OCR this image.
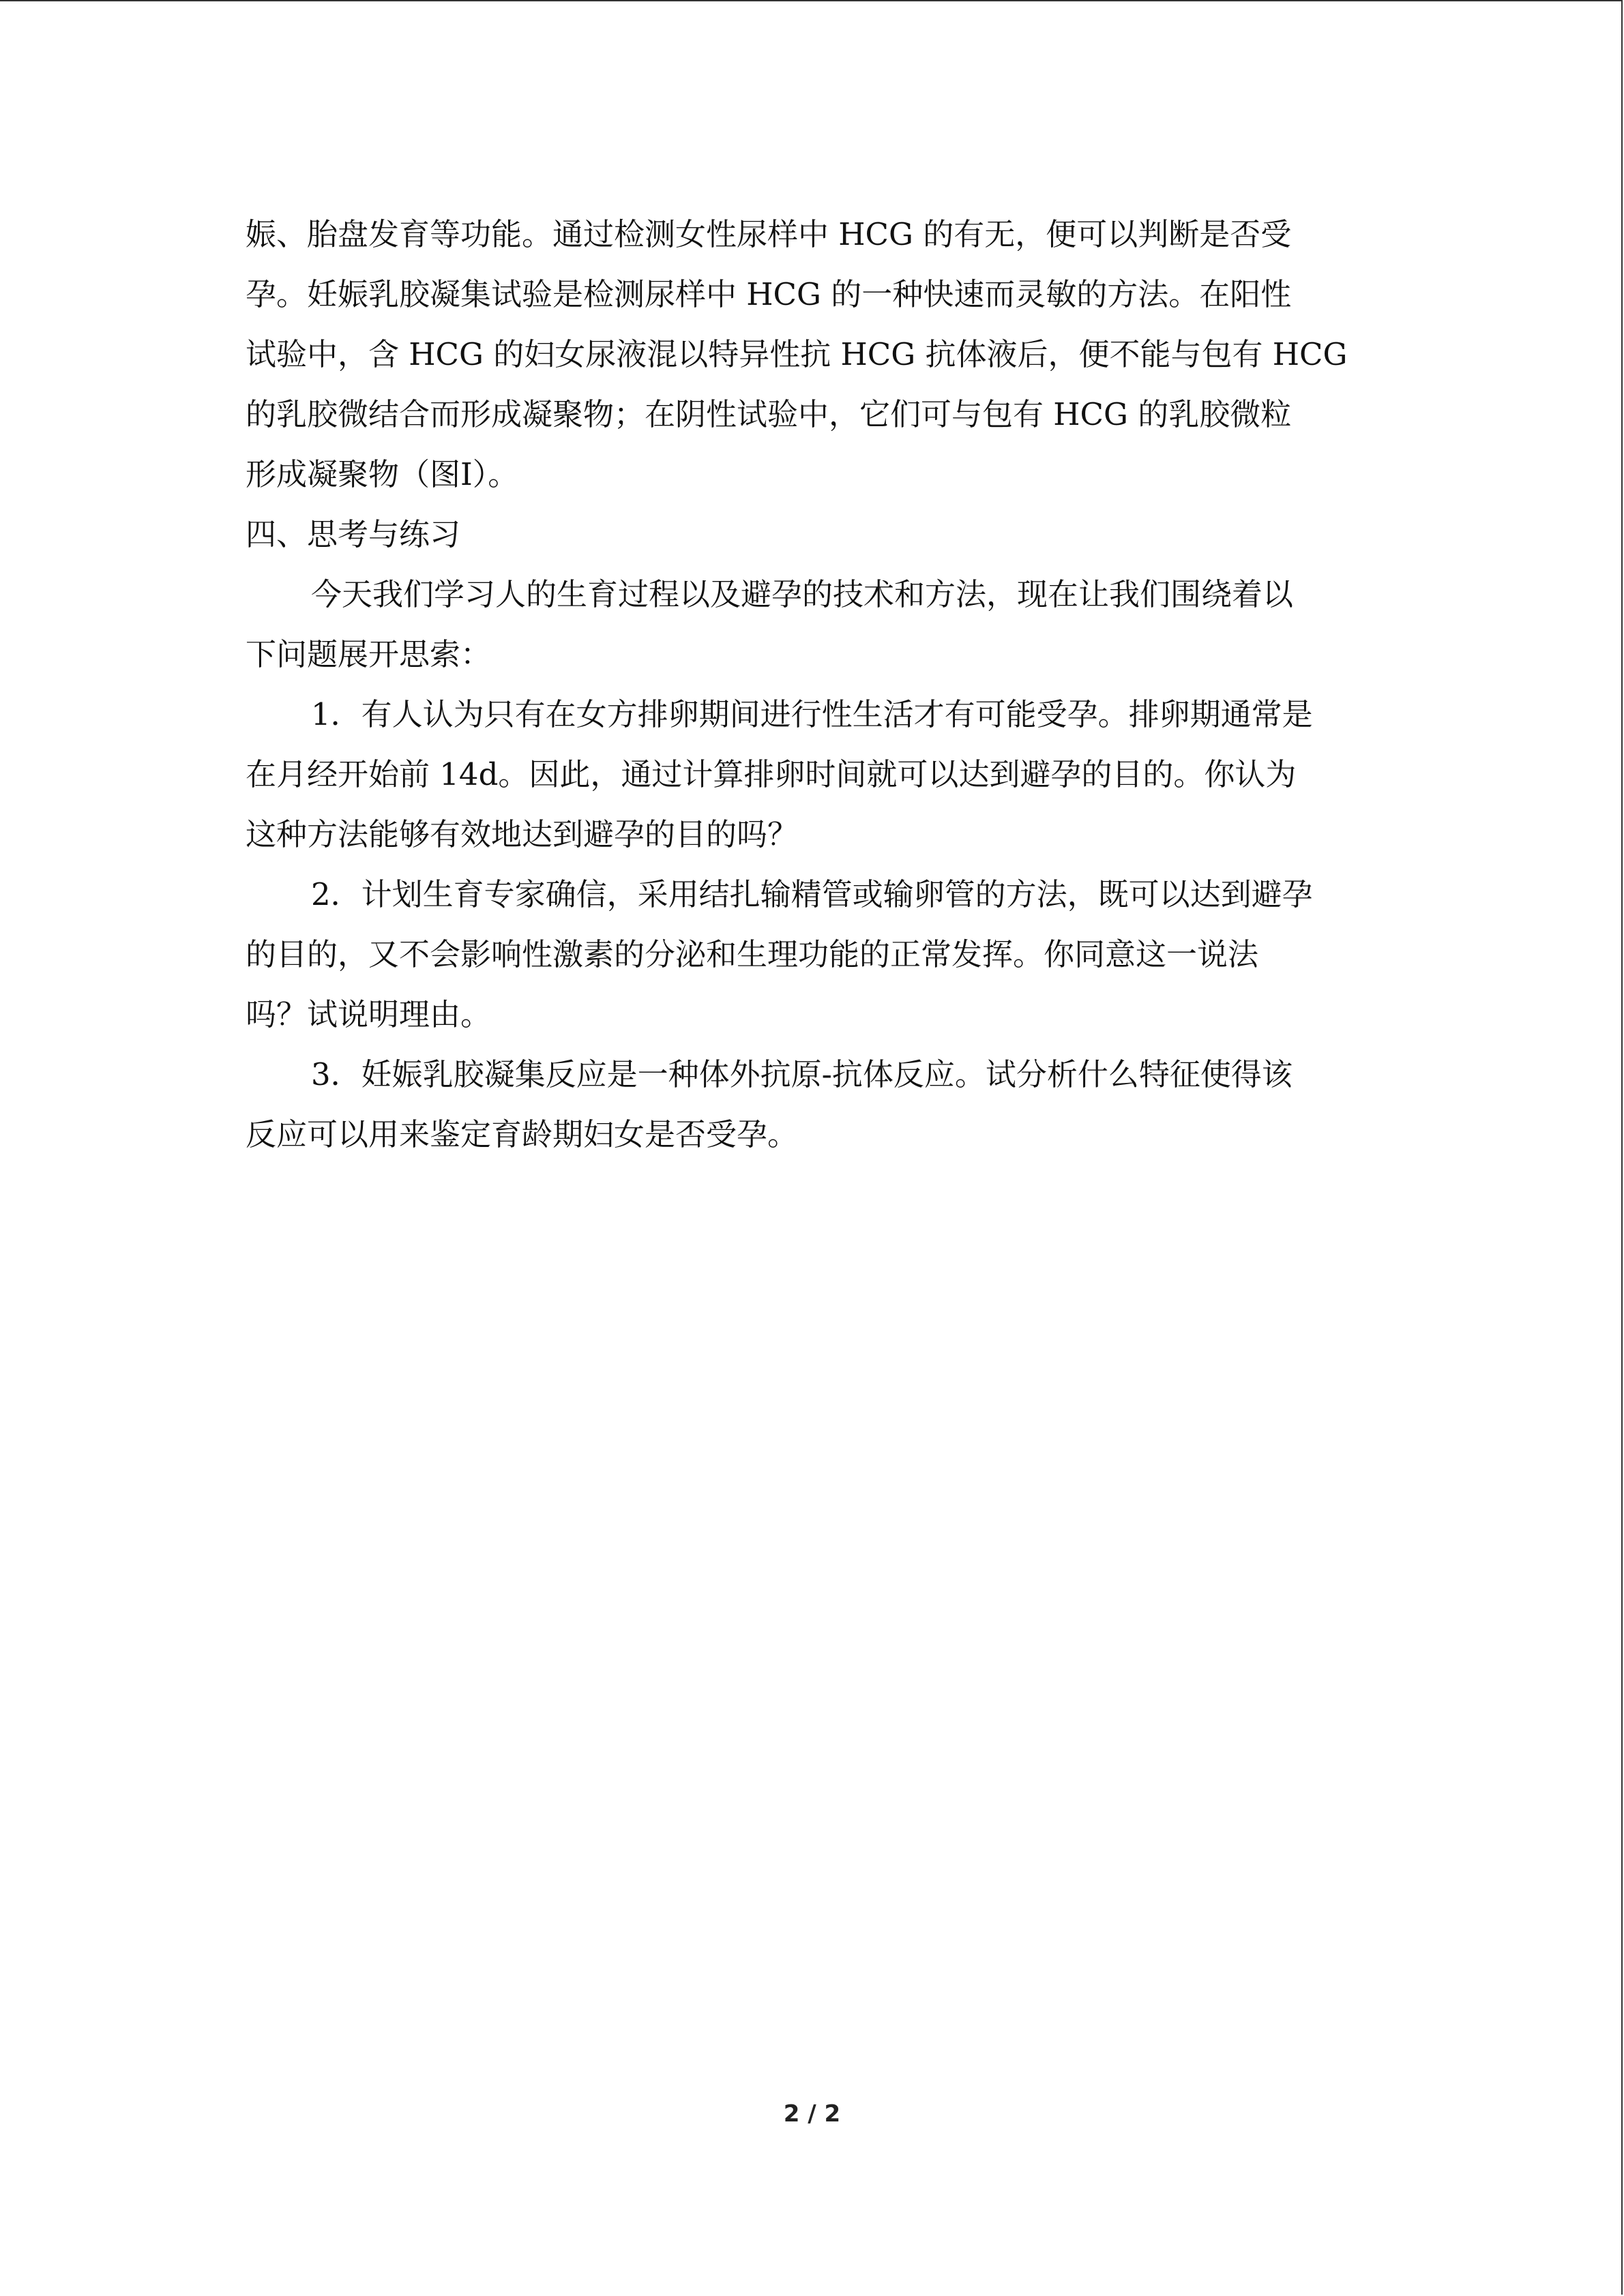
娠、胎盘发育等功能。通过检测女性尿样中 HCG 的有无，便可以判断是否受
孕。妊娠乳胶凝集试验是检测尿样中 HCG 的一种快速而灵敏的方法。在阳性
试验中，含 HCG 的妇女尿液混以特异性抗 HCG 抗体液后，便不能与包有 HCG
的乳胶微结合而形成凝聚物；在阴性试验中，它们可与包有 HCG 的乳胶微粒
形成凝聚物（图Ⅰ）。
四、思考与练习
今天我们学习人的生育过程以及避孕的技术和方法，现在让我们围绕着以
下问题展开思索：
1．有人认为只有在女方排卵期间进行性生活才有可能受孕。排卵期通常是
在月经开始前 14d。因此，通过计算排卵时间就可以达到避孕的目的。你认为
这种方法能够有效地达到避孕的目的吗？
2．计划生育专家确信，采用结扎输精管或输卵管的方法，既可以达到避孕
的目的，又不会影响性激素的分泌和生理功能的正常发挥。你同意这一说法
吗？试说明理由。
3．妊娠乳胶凝集反应是一种体外抗原-抗体反应。试分析什么特征使得该
反应可以用来鉴定育龄期妇女是否受孕。
2 / 2
